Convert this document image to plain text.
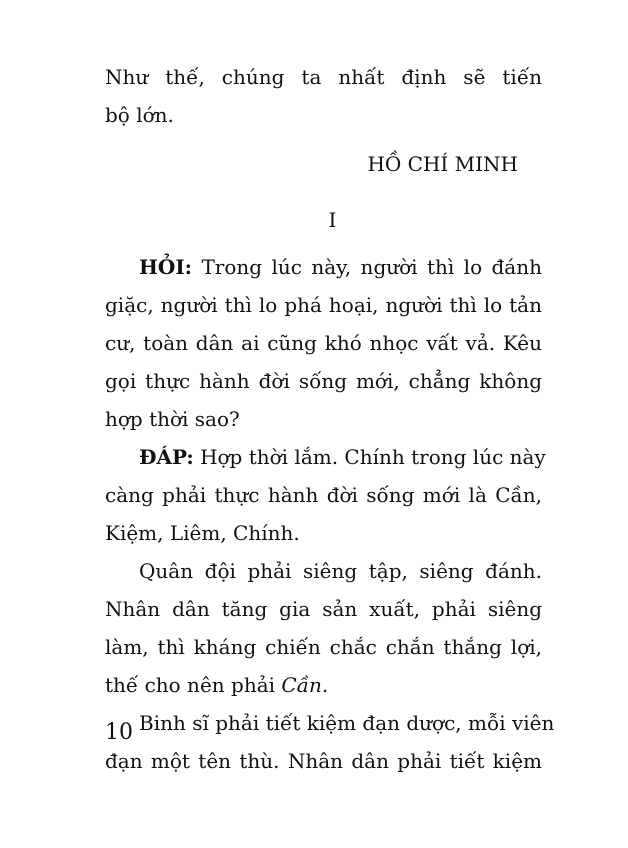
Như thế, chúng ta nhất định sẽ tiến
bộ lớn.
HỒ CHÍ MINH
I
HỎI: Trong lúc này, người thì lo đánh
giặc, người thì lo phá hoại, người thì lo tản
cư, toàn dân ai cũng khó nhọc vất vả. Kêu
gọi thực hành đời sống mới, chẳng không
hợp thời sao?
ĐÁP: Hợp thời lắm. Chính trong lúc này
càng phải thực hành đời sống mới là Cần,
Kiệm, Liêm, Chính.
Quân đội phải siêng tập, siêng đánh.
Nhân dân tăng gia sản xuất, phải siêng
làm, thì kháng chiến chắc chắn thắng lợi,
thế cho nên phải Cần.
Binh sĩ phải tiết kiệm đạn dược, mỗi viên
đạn một tên thù. Nhân dân phải tiết kiệm
10
